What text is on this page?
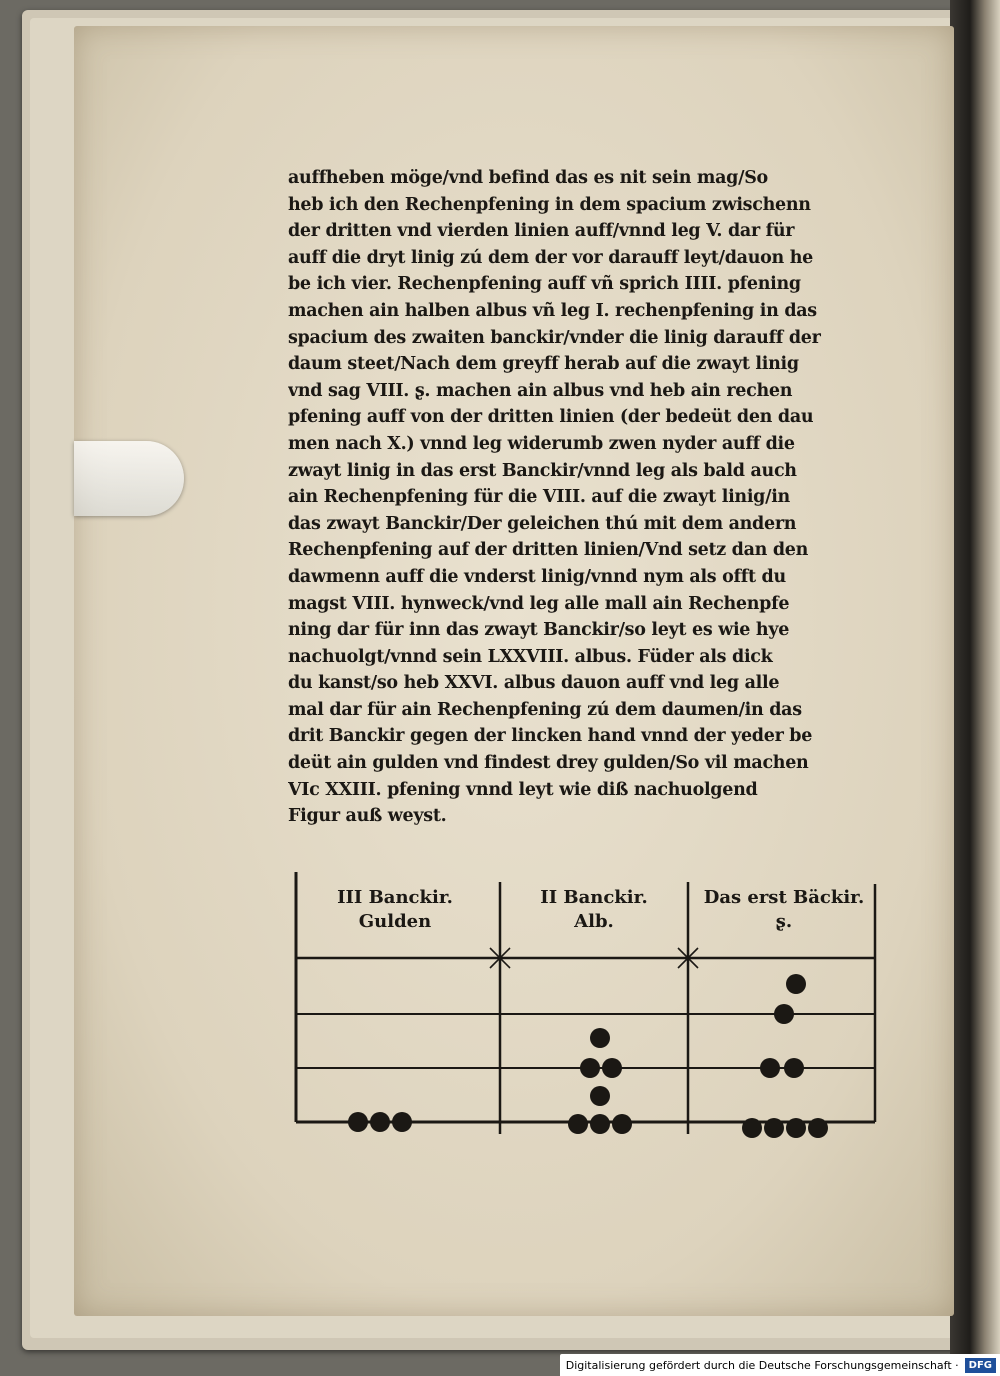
auffheben möge/vnd befind das es nit sein mag/So
heb ich den Rechenpfening in dem spacium zwischenn
der dritten vnd vierden linien auff/vnnd leg V. dar für
auff die dryt linig zú dem der vor darauff leyt/dauon he
be ich vier. Rechenpfening auff vñ sprich IIII. pfening
machen ain halben albus vñ leg I. rechenpfening in das
spacium des zwaiten banckir/vnder die linig darauff der
daum steet/Nach dem greyff herab auf die zwayt linig
vnd sag VIII. ʂ. machen ain albus vnd heb ain rechen
pfening auff von der dritten linien (der bedeüt den dau
men nach X.) vnnd leg widerumb zwen nyder auff die
zwayt linig in das erst Banckir/vnnd leg als bald auch
ain Rechenpfening für die VIII. auf die zwayt linig/in
das zwayt Banckir/Der geleichen thú mit dem andern
Rechenpfening auf der dritten linien/Vnd setz dan den
dawmenn auff die vnderst linig/vnnd nym als offt du
magst VIII. hynweck/vnd leg alle mall ain Rechenpfe
ning dar für inn das zwayt Banckir/so leyt es wie hye
nachuolgt/vnnd sein LXXVIII. albus. Füder als dick
du kanst/so heb XXVI. albus dauon auff vnd leg alle
mal dar für ain Rechenpfening zú dem daumen/in das
drit Banckir gegen der lincken hand vnnd der yeder be
deüt ain gulden vnd findest drey gulden/So vil machen
VIc XXIII. pfening vnnd leyt wie diß nachuolgend
Figur auß weyst.
III Banckir.
Gulden
II Banckir.
Alb.
Das erst Bäckir.
ʂ.
Digitalisierung gefördert durch die Deutsche Forschungsgemeinschaft ·	DFG
